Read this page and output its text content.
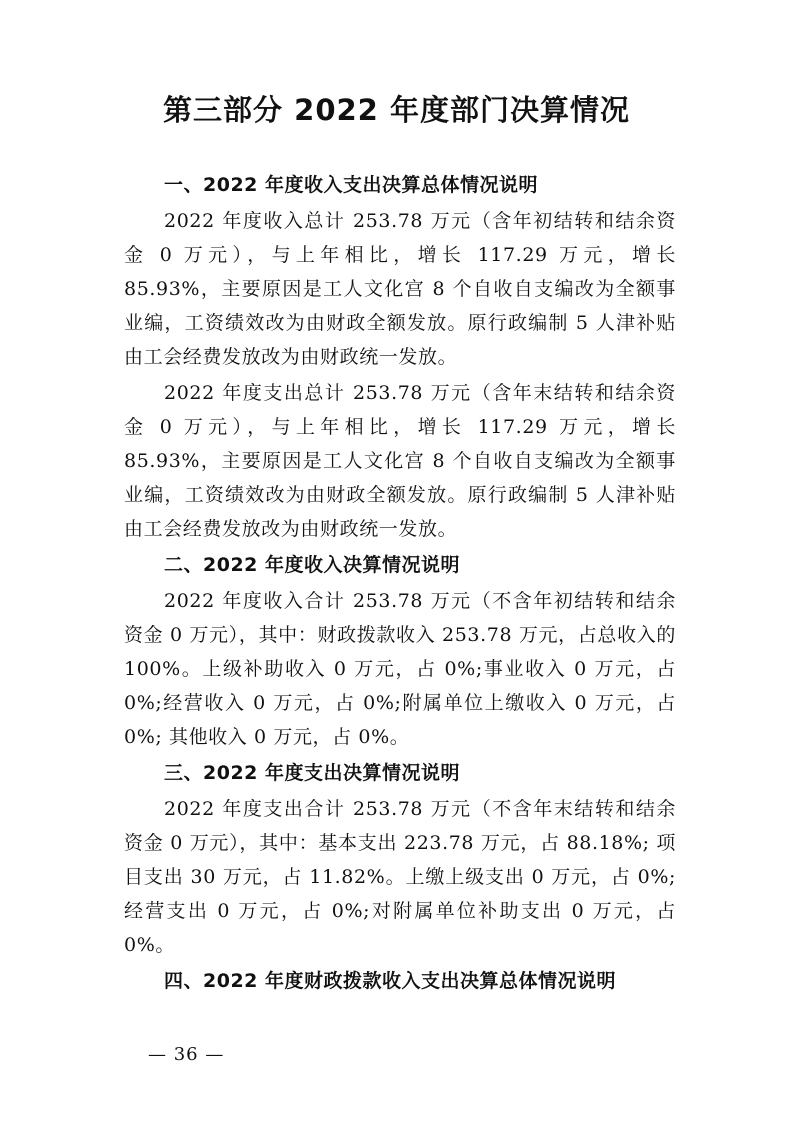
第三部分 2022 年度部门决算情况
一、2022 年度收入支出决算总体情况说明

2022 年度收入总计 253.78 万元（含年初结转和结余资金 0 万元），与上年相比，增长 117.29 万元，增长 85.93%，主要原因是工人文化宫 8 个自收自支编改为全额事业编，工资绩效改为由财政全额发放。原行政编制 5 人津补贴由工会经费发放改为由财政统一发放。

2022 年度支出总计 253.78 万元（含年末结转和结余资金 0 万元），与上年相比，增长 117.29 万元，增长 85.93%，主要原因是工人文化宫 8 个自收自支编改为全额事业编，工资绩效改为由财政全额发放。原行政编制 5 人津补贴由工会经费发放改为由财政统一发放。

二、2022 年度收入决算情况说明

2022 年度收入合计 253.78 万元（不含年初结转和结余资金 0 万元），其中：财政拨款收入 253.78 万元，占总收入的 100%。上级补助收入 0 万元，占 0%;事业收入 0 万元，占 0%;经营收入 0 万元，占 0%;附属单位上缴收入 0 万元，占 0%; 其他收入 0 万元，占 0%。

三、2022 年度支出决算情况说明

2022 年度支出合计 253.78 万元（不含年末结转和结余资金 0 万元），其中：基本支出 223.78 万元，占 88.18%; 项目支出 30 万元，占 11.82%。上缴上级支出 0 万元，占 0%; 经营支出 0 万元，占 0%;对附属单位补助支出 0 万元，占 0%。

四、2022 年度财政拨款收入支出决算总体情况说明
— 36 —
